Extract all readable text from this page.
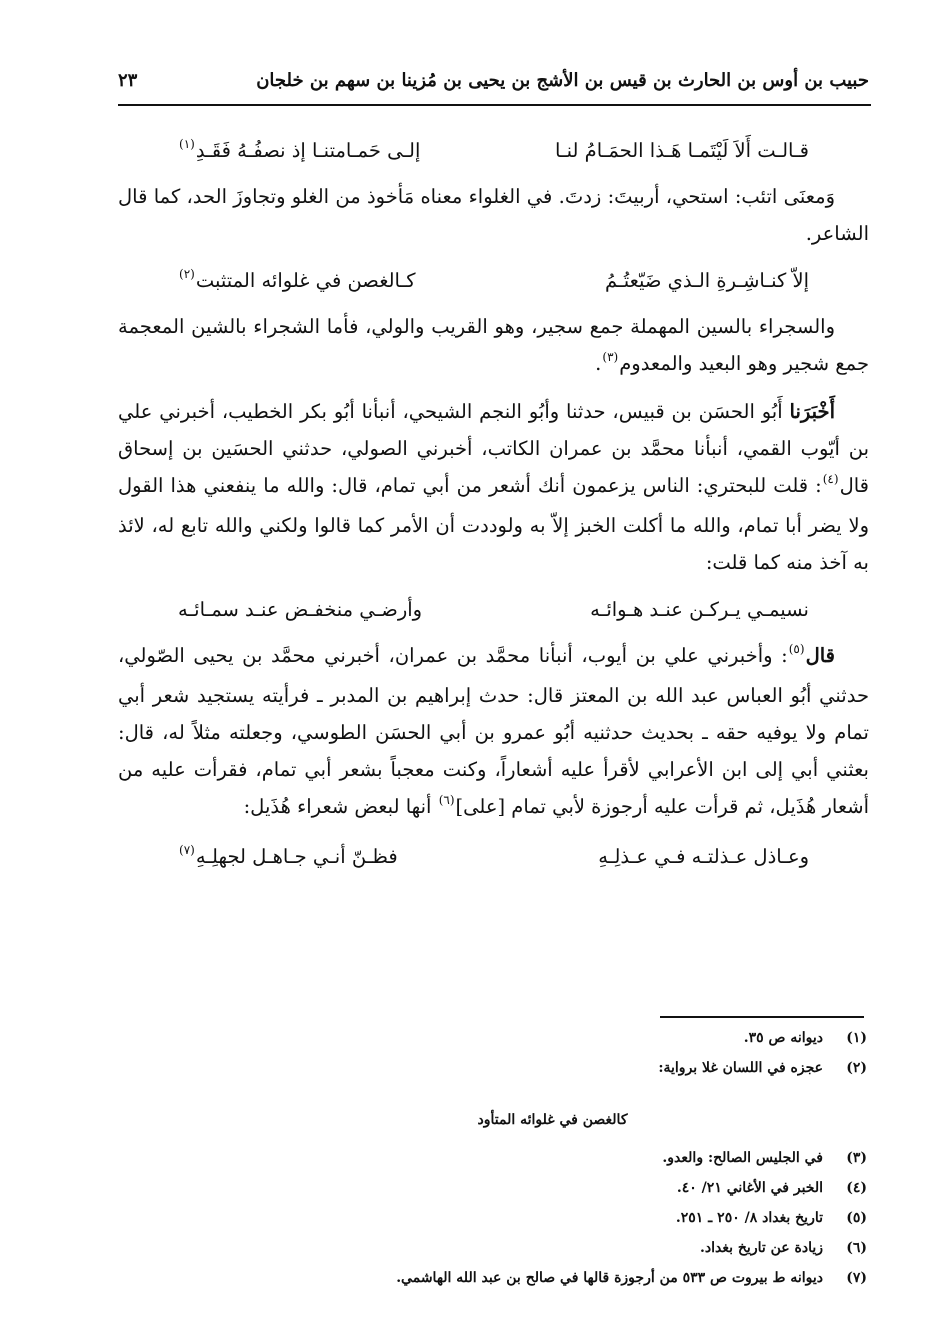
حبيب بن أوس بن الحارث بن قيس بن الأشج بن يحيى بن مُزينا بن سهم بن خلجان
٢٣
قـالـت أَلاَ لَيْتَمـا هَـذا الحمَـامُ لنـا
إلـى حَمـامتنـا إذ نصفُـهُ فَقَـدِ$^{(١)}$

وَمعنَى اتئب: استحي، أربيتَ: زدتَ. في الغلواء معناه مَأخوذ من الغلو وتجاوزَ الحد، كما قال الشاعر.

إلاّ كنـاشِـرةِ الـذي ضَيّعتُـمُ
كـالغصن في غلوائه المتثبت$^{(٢)}$

والسجراء بالسين المهملة جمع سجير، وهو القريب والولي، فأما الشجراء بالشين المعجمة جمع شجير وهو البعيد والمعدوم$^{(٣)}$.

أَخْبَرَنا أَبُو الحسَن بن قبيس، حدثنا وأبُو النجم الشيحي، أنبأنا أبُو بكر الخطيب، أخبرني علي بن أيّوب القمي، أنبأنا محمَّد بن عمران الكاتب، أخبرني الصولي، حدثني الحسَين بن إسحاق قال$^{(٤)}$: قلت للبحتري: الناس يزعمون أنك أشعر من أبي تمام، قال: والله ما ينفعني هذا القول ولا يضر أبا تمام، والله ما أكلت الخبز إلاّ به ولوددت أن الأمر كما قالوا ولكني والله تابع له، لائذ به آخذ منه كما قلت:

نسيمـي يـركـن عنـد هـوائـه
وأرضـي منخفـض عنـد سمـائـه

قال$^{(٥)}$: وأخبرني علي بن أيوب، أنبأنا محمَّد بن عمران، أخبرني محمَّد بن يحيى الصّولي، حدثني أبُو العباس عبد الله بن المعتز قال: حدث إبراهيم بن المدبر ـ فرأيته يستجيد شعر أبي تمام ولا يوفيه حقه ـ بحديث حدثنيه أبُو عمرو بن أبي الحسَن الطوسي، وجعلته مثلاً له، قال: بعثني أبي إلى ابن الأعرابي لأقرأ عليه أشعاراً، وكنت معجباً بشعر أبي تمام، فقرأت عليه من أشعار هُذَيل، ثم قرأت عليه أرجوزة لأبي تمام [على]$^{(٦)}$ أنها لبعض شعراء هُذَيل:

وعـاذل عـذلتـه فـي عـذلِـهِ
فظـنّ أنـي جـاهـل لجهلِـهِ$^{(٧)}$
(١)
ديوانه ص ٣٥.
(٢)
عجزه في اللسان غلا برواية:
كالغصن في غلوائه المتأود
(٣)
في الجليس الصالح: والعدو.
(٤)
الخبر في الأغاني ٢١/ ٤٠.
(٥)
تاريخ بغداد ٨/ ٢٥٠ ـ ٢٥١.
(٦)
زيادة عن تاريخ بغداد.
(٧)
ديوانه ط بيروت ص ٥٣٣ من أرجوزة قالها في صالح بن عبد الله الهاشمي.
